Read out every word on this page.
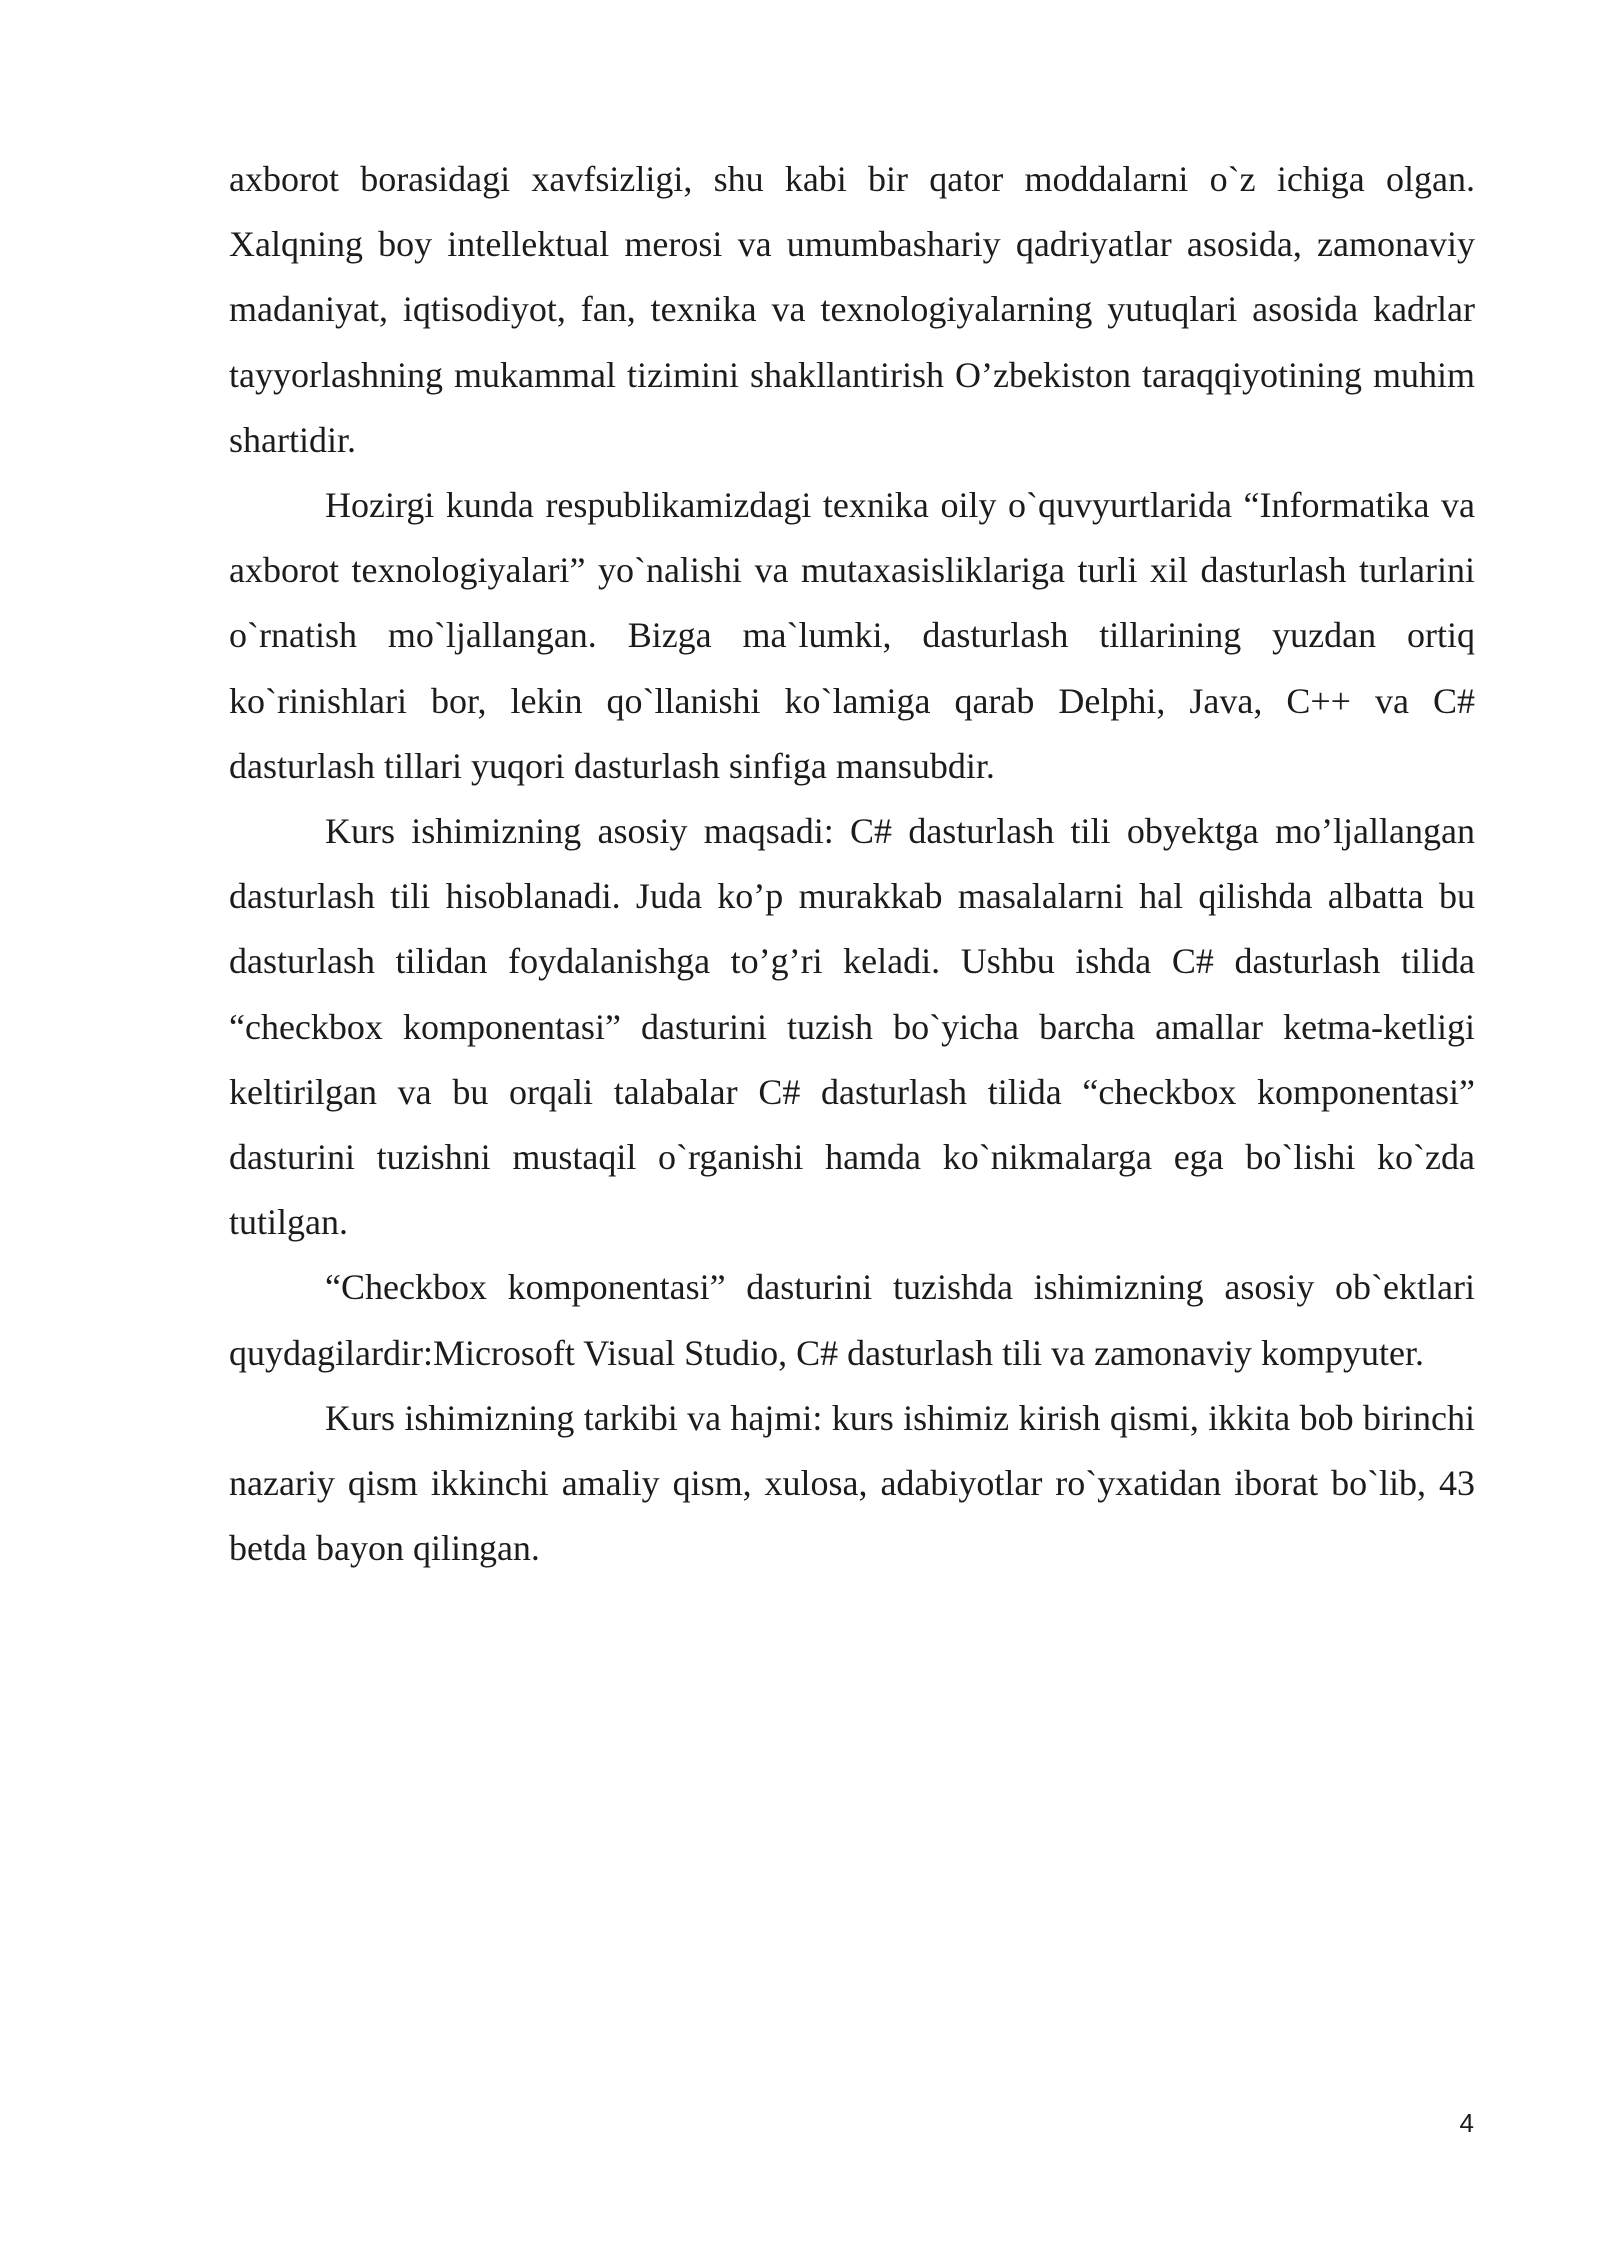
axborot borasidagi xavfsizligi, shu kabi bir qator moddalarni o`z ichiga olgan. Xalqning boy intellektual merosi va umumbashariy qadriyatlar asosida, zamonaviy madaniyat, iqtisodiyot, fan, texnika va texnologiyalarning yutuqlari asosida kadrlar tayyorlashning mukammal tizimini shakllantirish O’zbekiston taraqqiyotining muhim shartidir.

Hozirgi kunda respublikamizdagi texnika oily o`quvyurtlarida “Informatika va axborot texnologiyalari” yo`nalishi va mutaxasisliklariga turli xil dasturlash turlarini o`rnatish mo`ljallangan. Bizga ma`lumki, dasturlash tillarining yuzdan ortiq ko`rinishlari bor, lekin qo`llanishi ko`lamiga qarab Delphi, Java, C++ va C# dasturlash tillari yuqori dasturlash sinfiga mansubdir.

Kurs ishimizning asosiy maqsadi: C# dasturlash tili obyektga mo’ljallangan dasturlash tili hisoblanadi. Juda ko’p murakkab masalalarni hal qilishda albatta bu dasturlash tilidan foydalanishga to’g’ri keladi. Ushbu ishda C# dasturlash tilida “checkbox komponentasi” dasturini tuzish bo`yicha barcha amallar ketma-ketligi keltirilgan va bu orqali talabalar C# dasturlash tilida “checkbox komponentasi” dasturini tuzishni mustaqil o`rganishi hamda ko`nikmalarga ega bo`lishi ko`zda tutilgan.

“Checkbox komponentasi” dasturini tuzishda ishimizning asosiy ob`ektlari quydagilardir:Microsoft Visual Studio, C# dasturlash tili va zamonaviy kompyuter.

Kurs ishimizning tarkibi va hajmi: kurs ishimiz kirish qismi, ikkita bob birinchi nazariy qism ikkinchi amaliy qism, xulosa, adabiyotlar ro`yxatidan iborat bo`lib, 43 betda bayon qilingan.

4
